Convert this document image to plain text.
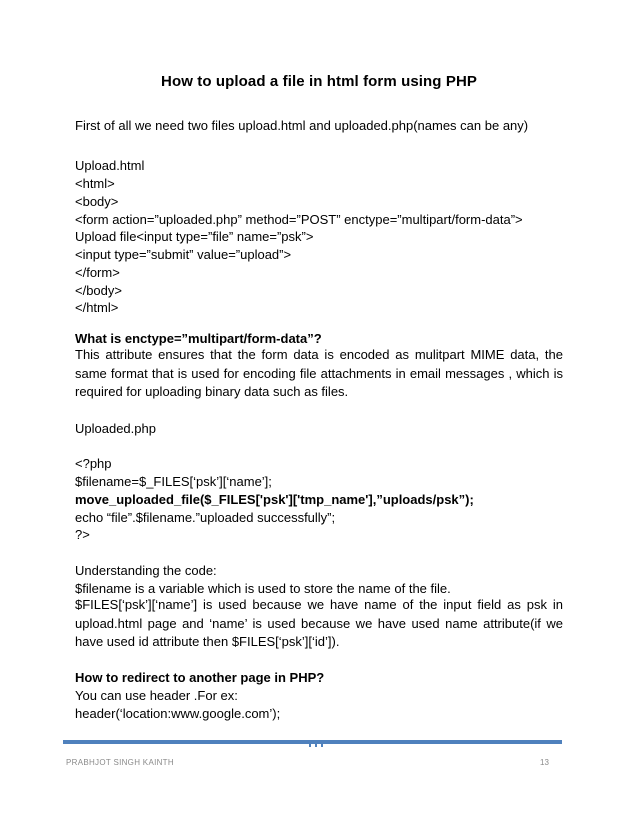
How to upload a file in html form using PHP
First of all we need two files upload.html and uploaded.php(names can be any)
Upload.html
<html>
<body>
<form action=”uploaded.php” method=”POST” enctype=”multipart/form-data”>
Upload file<input type=”file” name=”psk”>
<input type=”submit” value=”upload”>
</form>
</body>
</html>
What is enctype=”multipart/form-data”?
This attribute ensures that the form data is encoded as mulitpart MIME data, the same format that is used for encoding file attachments in email messages , which is required for uploading binary data such as files.
Uploaded.php
<?php
$filename=$_FILES[‘psk’][‘name’];
move_uploaded_file($_FILES['psk']['tmp_name'],”uploads/psk”);
echo “file”.$filename.”uploaded successfully”;
?>
Understanding the code:
$filename is a variable which is used to store the name of the file.
$FILES[‘psk’][‘name’] is used because we have name of the input field as psk in upload.html page and ‘name’ is used because we have used name attribute(if we have used id attribute then $FILES[‘psk’][‘id’]).
How to redirect to another page in PHP?
You can use header .For ex:
header(‘location:www.google.com’);
PRABHJOT SINGH KAINTH	13
